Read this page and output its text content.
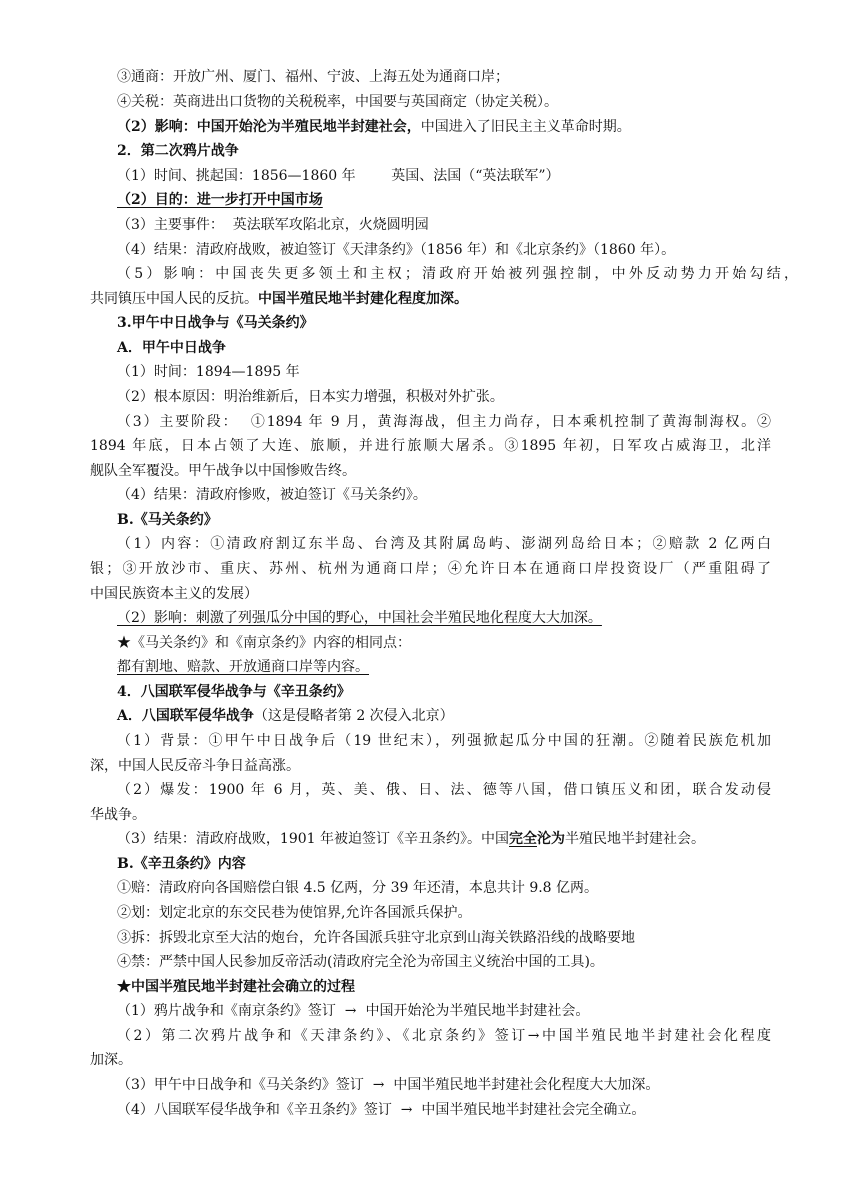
③通商：开放广州、厦门、福州、宁波、上海五处为通商口岸；
④关税：英商进出口货物的关税税率，中国要与英国商定（协定关税）。
（2）影响：中国开始沦为半殖民地半封建社会，中国进入了旧民主主义革命时期。
2．第二次鸦片战争
（1）时间、挑起国：1856—1860 年        英国、法国（“英法联军”）
（2）目的：进一步打开中国市场
（3）主要事件：  英法联军攻陷北京，火烧圆明园
（4）结果：清政府战败，被迫签订《天津条约》（1856 年）和《北京条约》（1860 年）。
（5）影响：中国丧失更多领土和主权；清政府开始被列强控制，中外反动势力开始勾结，
共同镇压中国人民的反抗。中国半殖民地半封建化程度加深。
3.甲午中日战争与《马关条约》
A．甲午中日战争
（1）时间：1894—1895 年
（2）根本原因：明治维新后，日本实力增强，积极对外扩张。
（3）主要阶段：  ①1894 年 9 月，黄海海战，但主力尚存，日本乘机控制了黄海制海权。②
1894 年底，日本占领了大连、旅顺，并进行旅顺大屠杀。③1895 年初，日军攻占威海卫，北洋
舰队全军覆没。甲午战争以中国惨败告终。
（4）结果：清政府惨败，被迫签订《马关条约》。
B.《马关条约》
（1）内容：①清政府割辽东半岛、台湾及其附属岛屿、澎湖列岛给日本；②赔款 2 亿两白
银；③开放沙市、重庆、苏州、杭州为通商口岸；④允许日本在通商口岸投资设厂（严重阻碍了
中国民族资本主义的发展）
（2）影响：刺激了列强瓜分中国的野心，中国社会半殖民地化程度大大加深。
★《马关条约》和《南京条约》内容的相同点：
都有割地、赔款、开放通商口岸等内容。
4．八国联军侵华战争与《辛丑条约》
A．八国联军侵华战争（这是侵略者第 2 次侵入北京）
（1）背景：①甲午中日战争后（19 世纪末），列强掀起瓜分中国的狂潮。②随着民族危机加
深，中国人民反帝斗争日益高涨。
（2）爆发：1900 年 6 月，英、美、俄、日、法、德等八国，借口镇压义和团，联合发动侵
华战争。
（3）结果：清政府战败，1901 年被迫签订《辛丑条约》。中国完全沦为半殖民地半封建社会。
B.《辛丑条约》内容
①赔：清政府向各国赔偿白银 4.5 亿两，分 39 年还清，本息共计 9.8 亿两。
②划：划定北京的东交民巷为使馆界,允许各国派兵保护。
③拆：拆毁北京至大沽的炮台，允许各国派兵驻守北京到山海关铁路沿线的战略要地
④禁：严禁中国人民参加反帝活动(清政府完全沦为帝国主义统治中国的工具)。
★中国半殖民地半封建社会确立的过程
（1）鸦片战争和《南京条约》签订  →  中国开始沦为半殖民地半封建社会。
（2）第二次鸦片战争和《天津条约》、《北京条约》签订→中国半殖民地半封建社会化程度
加深。
（3）甲午中日战争和《马关条约》签订  →  中国半殖民地半封建社会化程度大大加深。
（4）八国联军侵华战争和《辛丑条约》签订  →  中国半殖民地半封建社会完全确立。
